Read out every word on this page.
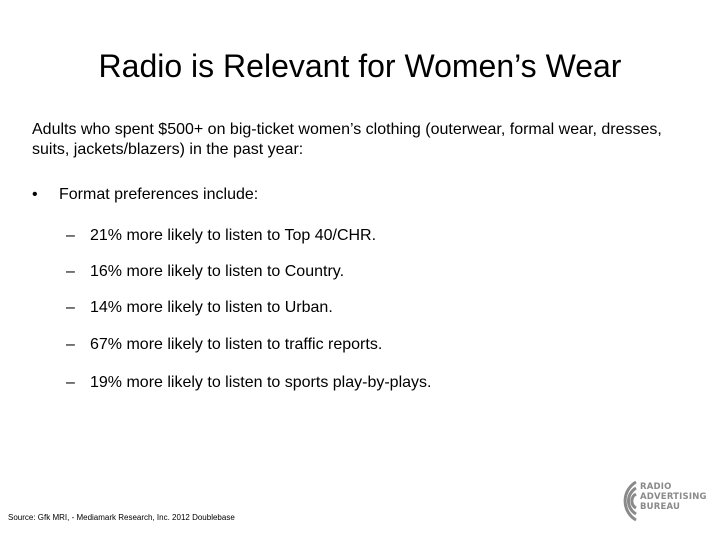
Radio is Relevant for Women’s Wear
Adults who spent $500+ on big-ticket women’s clothing (outerwear, formal wear, dresses, suits, jackets/blazers) in the past year:
•	Format preferences include:
– 21% more likely to listen to Top 40/CHR.
– 16% more likely to listen to Country.
– 14% more likely to listen to Urban.
– 67% more likely to listen to traffic reports.
– 19% more likely to listen to sports play-by-plays.
Source: Gfk MRI, - Mediamark Research, Inc. 2012 Doublebase
RADIO
ADVERTISING
BUREAU
